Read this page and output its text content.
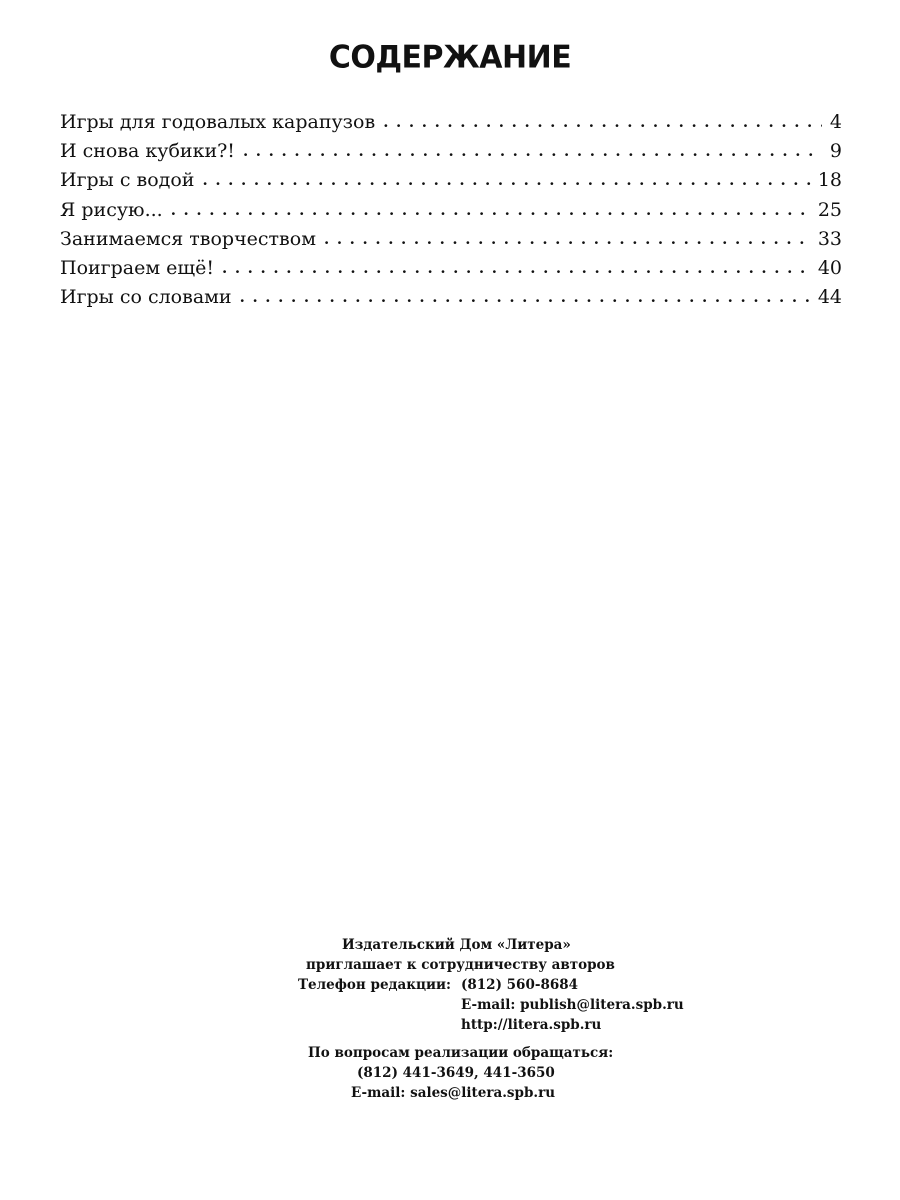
СОДЕРЖАНИЕ
Игры для годовалых карапузов . . .	4
И снова кубики?! . . .	9
Игры с водой . . .	18
Я рисую... . . .	25
Занимаемся творчеством . . .	33
Поиграем ещё! . . .	40
Игры со словами . . .	44
Издательский Дом «Литера»
приглашает к сотрудничеству авторов
Телефон редакции: (812) 560-8684
E-mail: publish@litera.spb.ru
http://litera.spb.ru
По вопросам реализации обращаться:
(812) 441-3649, 441-3650
E-mail: sales@litera.spb.ru
